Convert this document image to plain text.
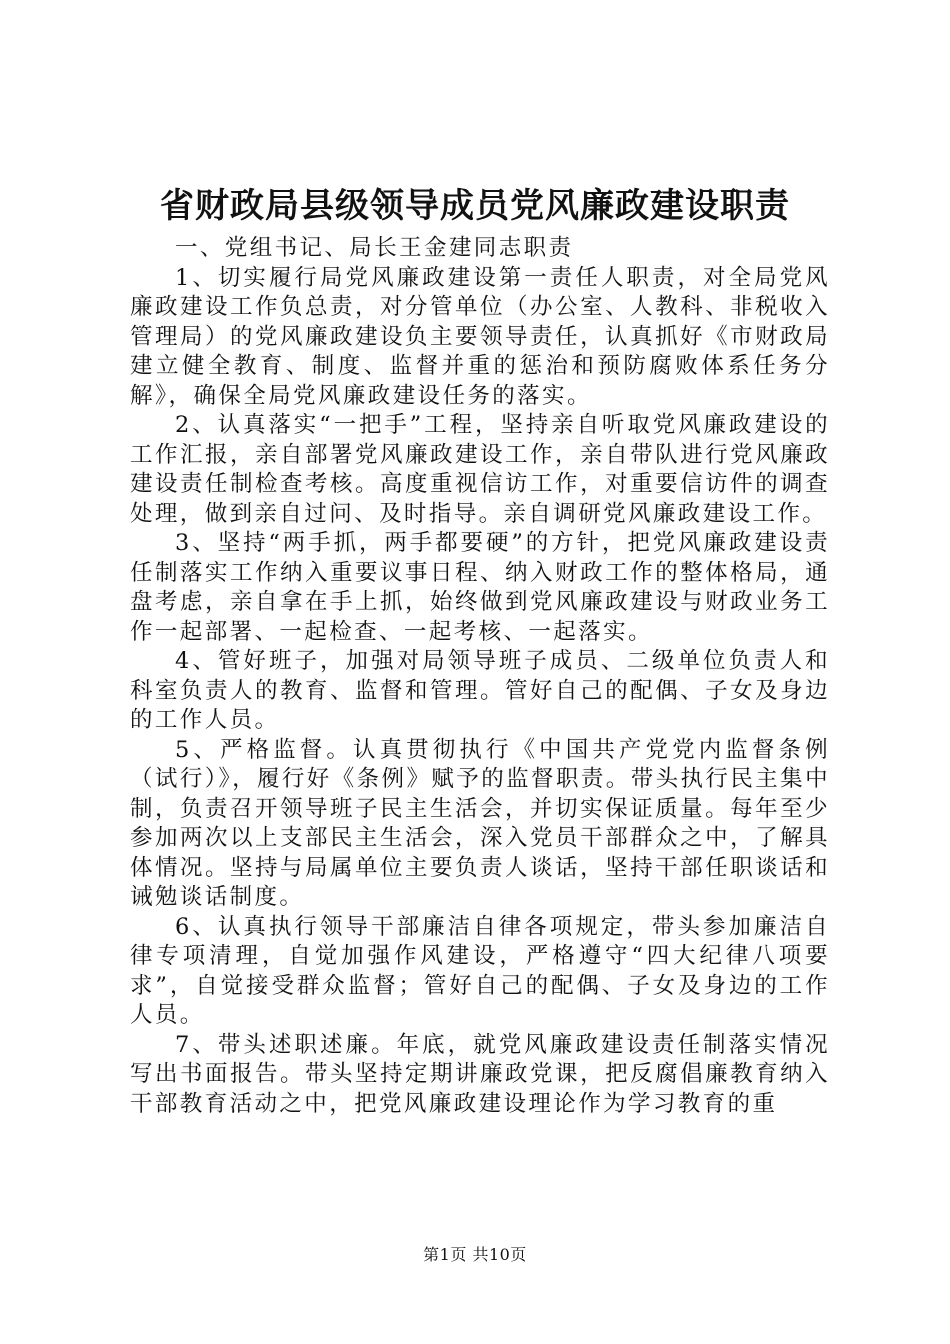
省财政局县级领导成员党风廉政建设职责

一、党组书记、局长王金建同志职责

1、切实履行局党风廉政建设第一责任人职责，对全局党风廉政建设工作负总责，对分管单位（办公室、人教科、非税收入管理局）的党风廉政建设负主要领导责任，认真抓好《市财政局建立健全教育、制度、监督并重的惩治和预防腐败体系任务分解》，确保全局党风廉政建设任务的落实。

2、认真落实“一把手”工程，坚持亲自听取党风廉政建设的工作汇报，亲自部署党风廉政建设工作，亲自带队进行党风廉政建设责任制检查考核。高度重视信访工作，对重要信访件的调查处理，做到亲自过问、及时指导。亲自调研党风廉政建设工作。

3、坚持“两手抓，两手都要硬”的方针，把党风廉政建设责任制落实工作纳入重要议事日程、纳入财政工作的整体格局，通盘考虑，亲自拿在手上抓，始终做到党风廉政建设与财政业务工作一起部署、一起检查、一起考核、一起落实。

4、管好班子，加强对局领导班子成员、二级单位负责人和科室负责人的教育、监督和管理。管好自己的配偶、子女及身边的工作人员。

5、严格监督。认真贯彻执行《中国共产党党内监督条例（试行）》，履行好《条例》赋予的监督职责。带头执行民主集中制，负责召开领导班子民主生活会，并切实保证质量。每年至少参加两次以上支部民主生活会，深入党员干部群众之中，了解具体情况。坚持与局属单位主要负责人谈话，坚持干部任职谈话和诫勉谈话制度。

6、认真执行领导干部廉洁自律各项规定，带头参加廉洁自律专项清理，自觉加强作风建设，严格遵守“四大纪律八项要求”，自觉接受群众监督；管好自己的配偶、子女及身边的工作人员。

7、带头述职述廉。年底，就党风廉政建设责任制落实情况写出书面报告。带头坚持定期讲廉政党课，把反腐倡廉教育纳入干部教育活动之中，把党风廉政建设理论作为学习教育的重

第1页 共10页
